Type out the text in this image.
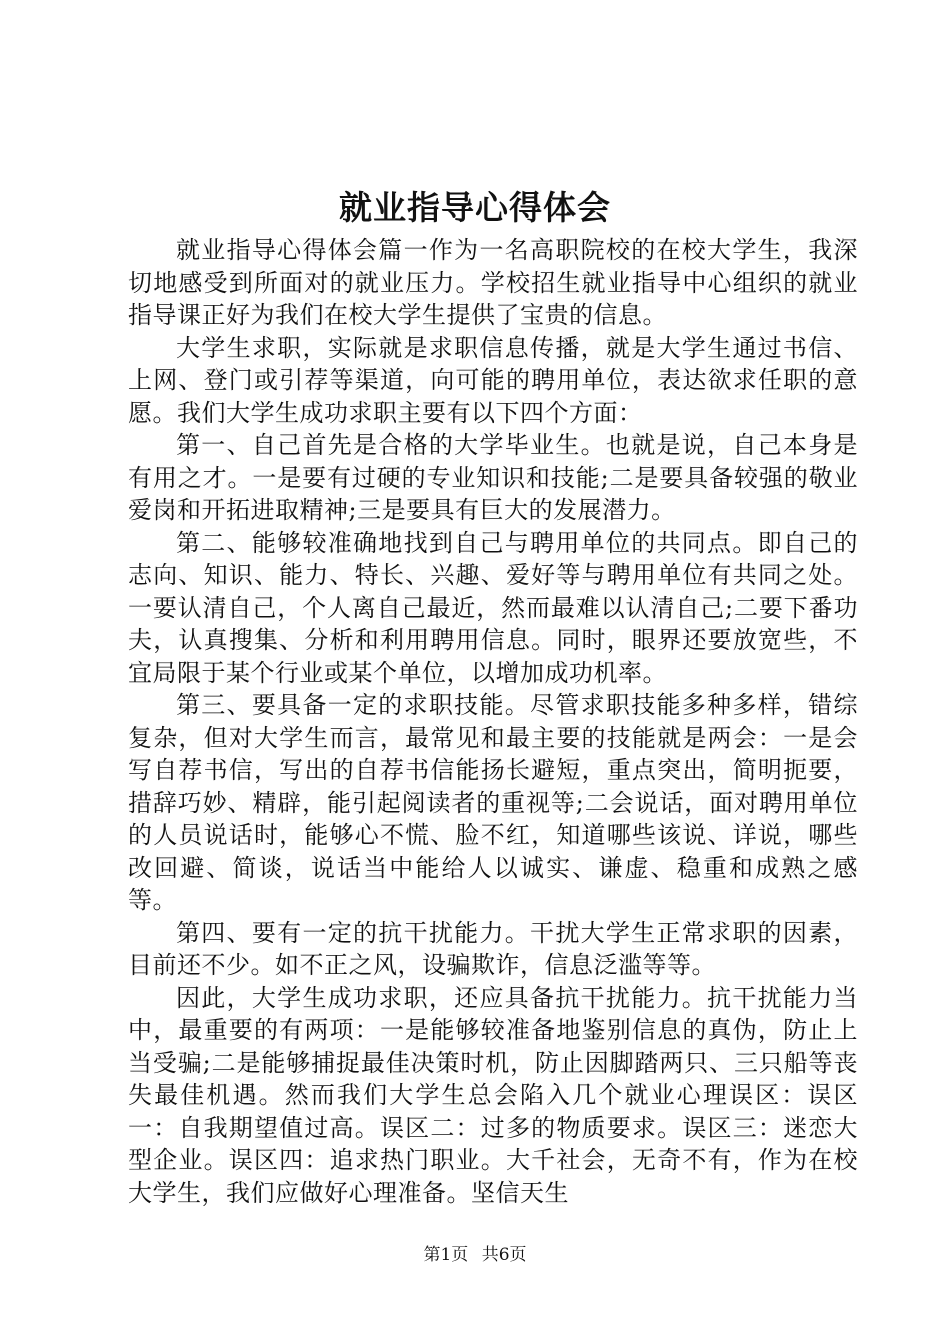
就业指导心得体会

就业指导心得体会篇一作为一名高职院校的在校大学生，我深切地感受到所面对的就业压力。学校招生就业指导中心组织的就业指导课正好为我们在校大学生提供了宝贵的信息。

大学生求职，实际就是求职信息传播，就是大学生通过书信、上网、登门或引荐等渠道，向可能的聘用单位，表达欲求任职的意愿。我们大学生成功求职主要有以下四个方面：

第一、自己首先是合格的大学毕业生。也就是说，自己本身是有用之才。一是要有过硬的专业知识和技能;二是要具备较强的敬业爱岗和开拓进取精神;三是要具有巨大的发展潜力。

第二、能够较准确地找到自己与聘用单位的共同点。即自己的志向、知识、能力、特长、兴趣、爱好等与聘用单位有共同之处。一要认清自己，个人离自己最近，然而最难以认清自己;二要下番功夫，认真搜集、分析和利用聘用信息。同时，眼界还要放宽些，不宜局限于某个行业或某个单位，以增加成功机率。

第三、要具备一定的求职技能。尽管求职技能多种多样，错综复杂，但对大学生而言，最常见和最主要的技能就是两会：一是会写自荐书信，写出的自荐书信能扬长避短，重点突出，简明扼要，措辞巧妙、精辟，能引起阅读者的重视等;二会说话，面对聘用单位的人员说话时，能够心不慌、脸不红，知道哪些该说、详说，哪些改回避、简谈，说话当中能给人以诚实、谦虚、稳重和成熟之感等。

第四、要有一定的抗干扰能力。干扰大学生正常求职的因素，目前还不少。如不正之风，设骗欺诈，信息泛滥等等。

因此，大学生成功求职，还应具备抗干扰能力。抗干扰能力当中，最重要的有两项：一是能够较准备地鉴别信息的真伪，防止上当受骗;二是能够捕捉最佳决策时机，防止因脚踏两只、三只船等丧失最佳机遇。然而我们大学生总会陷入几个就业心理误区：误区一：自我期望值过高。误区二：过多的物质要求。误区三：迷恋大型企业。误区四：追求热门职业。大千社会，无奇不有，作为在校大学生，我们应做好心理准备。坚信天生

第1页 共6页
